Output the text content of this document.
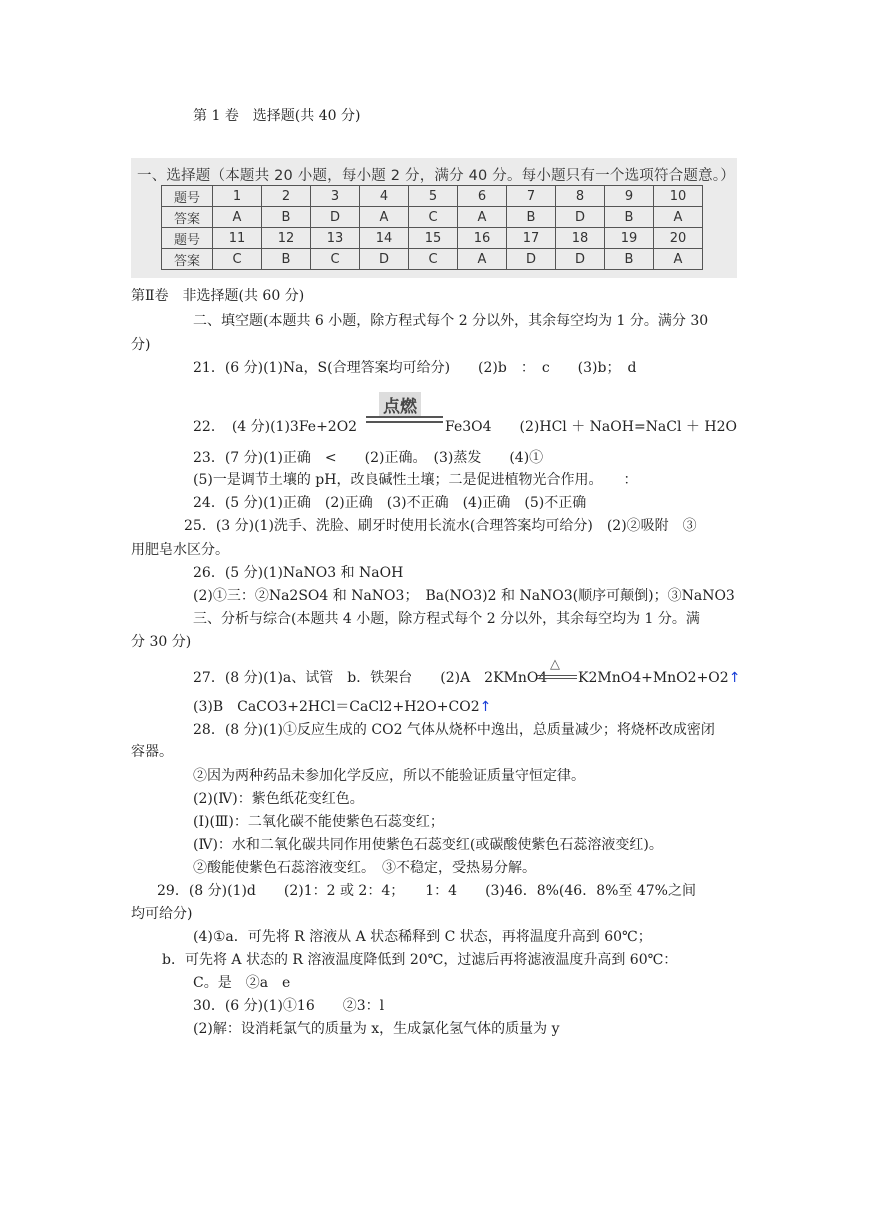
第 1 卷　选择题(共 40 分)
一、选择题（本题共 20 小题，每小题 2 分，满分 40 分。每小题只有一个选项符合题意。）
题号	1	2	3	4	5	6	7	8	9	10
答案	A	B	D	A	C	A	B	D	B	A
题号	11	12	13	14	15	16	17	18	19	20
答案	C	B	C	D	C	A	D	D	B	A
第Ⅱ卷　非选择题(共 60 分)
二、填空题(本题共 6 小题，除方程式每个 2 分以外，其余每空均为 1 分。满分 30
分)
21．(6 分)(1)Na，S(合理答案均可给分)　　(2)b　：　c　　(3)b；　d
22．　(4 分)(1)3Fe+2O2
点燃
Fe3O4　　(2)HCl ＋ NaOH=NaCl ＋ H2O
23．(7 分)(1)正确　<　　(2)正确。　(3)蒸发　　(4)①
(5)一是调节土壤的 pH，改良碱性土壤；二是促进植物光合作用。　　：
24．(5 分)(1)正确　(2)正确　(3)不正确　(4)正确　(5)不正确
25．(3 分)(1)洗手、洗脸、刷牙时使用长流水(合理答案均可给分)　(2)②吸附　③
用肥皂水区分。
26．(5 分)(1)NaNO3 和 NaOH
(2)①三：②Na2SO4 和 NaNO3；　Ba(NO3)2 和 NaNO3(顺序可颠倒)；③NaNO3
三、分析与综合(本题共 4 小题，除方程式每个 2 分以外，其余每空均为 1 分。满
分 30 分)
27．(8 分)(1)a、试管　b．铁架台　　(2)A　2KMnO4
△
K2MnO4+MnO2+O2↑
(3)B　CaCO3+2HCl＝CaCl2+H2O+CO2↑
28．(8 分)(1)①反应生成的 CO2 气体从烧杯中逸出，总质量减少；将烧杯改成密闭
容器。
②因为两种药品未参加化学反应，所以不能验证质量守恒定律。
(2)(Ⅳ)：紫色纸花变红色。
(Ⅰ)(Ⅲ)：二氧化碳不能使紫色石蕊变红；
(Ⅳ)：水和二氧化碳共同作用使紫色石蕊变红(或碳酸使紫色石蕊溶液变红)。
②酸能使紫色石蕊溶液变红。　③不稳定，受热易分解。
29．(8 分)(1)d　　(2)1：2 或 2：4；　　1：4　　(3)46．8%(46．8%至 47%之间
均可给分)
(4)①a．可先将 R 溶液从 A 状态稀释到 C 状态，再将温度升高到 60℃；
b．可先将 A 状态的 R 溶液温度降低到 20℃，过滤后再将滤液温度升高到 60℃：
C。是　②a　e
30．(6 分)(1)①16　　②3：l
(2)解：设消耗氯气的质量为 x，生成氯化氢气体的质量为 y
